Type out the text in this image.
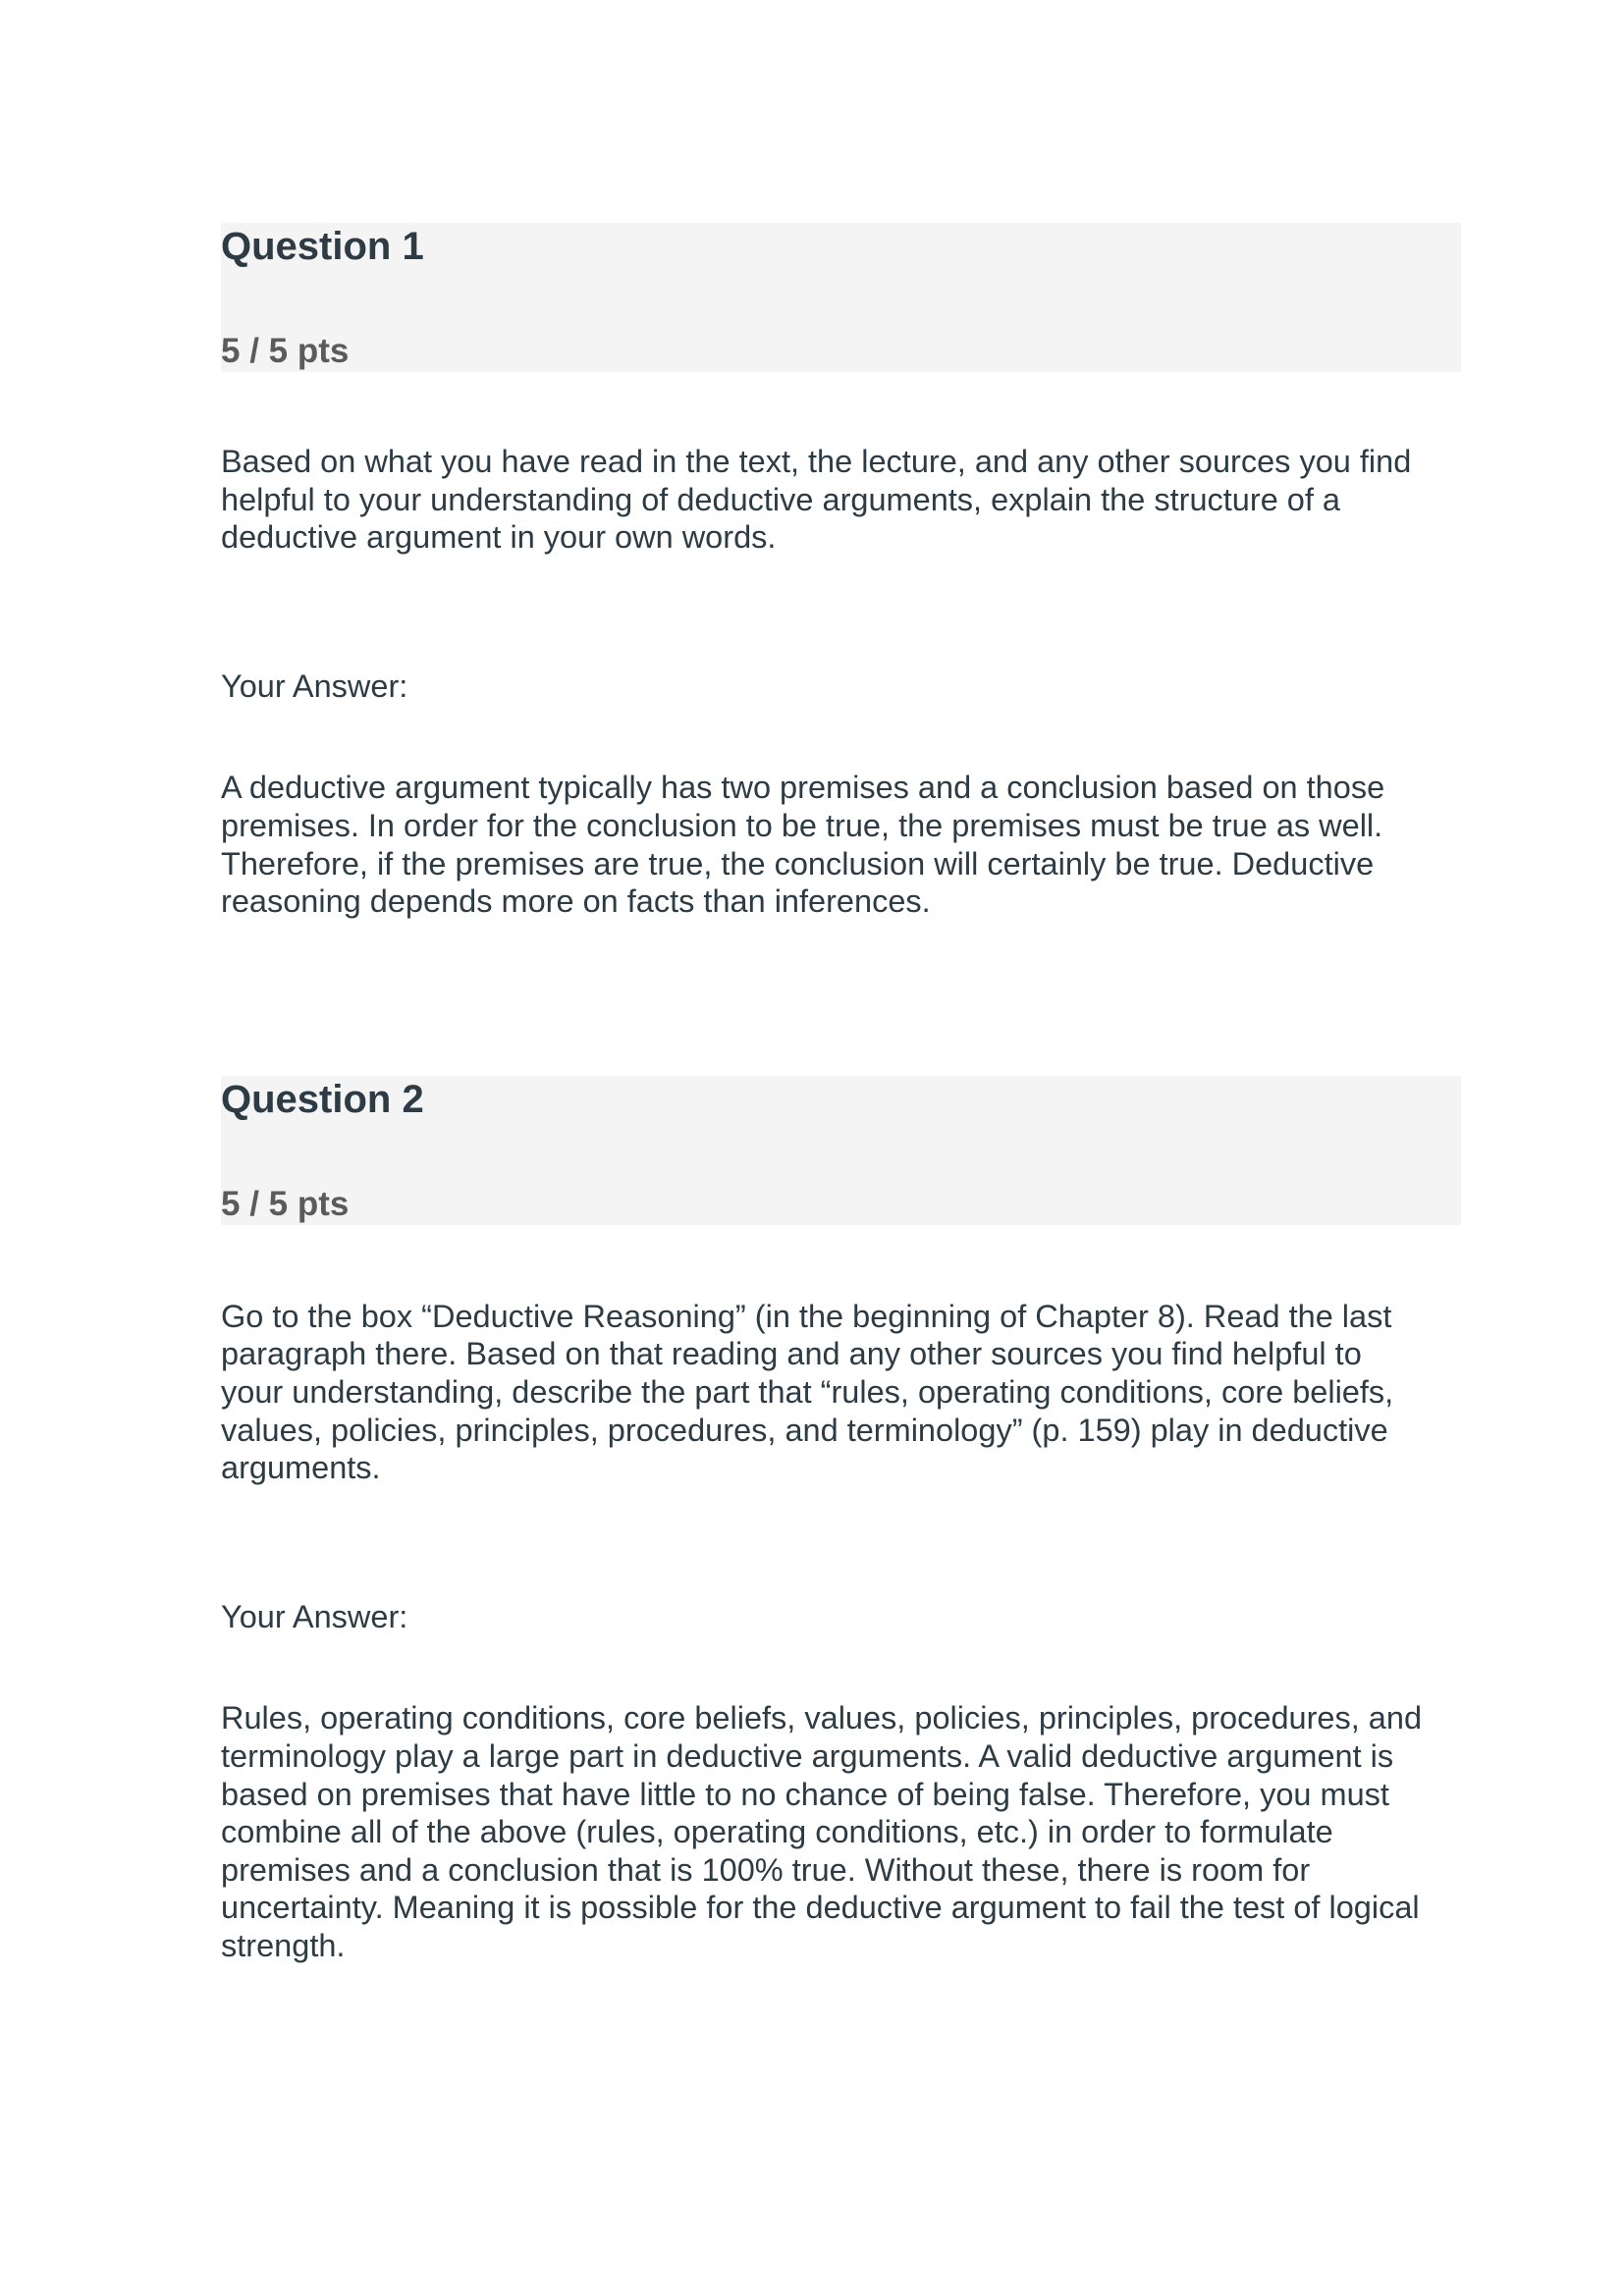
Question 1
5 / 5 pts

Based on what you have read in the text, the lecture, and any other sources you find
helpful to your understanding of deductive arguments, explain the structure of a
deductive argument in your own words.

Your Answer:

A deductive argument typically has two premises and a conclusion based on those
premises. In order for the conclusion to be true, the premises must be true as well.
Therefore, if the premises are true, the conclusion will certainly be true. Deductive
reasoning depends more on facts than inferences.

Question 2
5 / 5 pts

Go to the box “Deductive Reasoning” (in the beginning of Chapter 8). Read the last
paragraph there. Based on that reading and any other sources you find helpful to
your understanding, describe the part that “rules, operating conditions, core beliefs,
values, policies, principles, procedures, and terminology” (p. 159) play in deductive
arguments.

Your Answer:

Rules, operating conditions, core beliefs, values, policies, principles, procedures, and
terminology play a large part in deductive arguments. A valid deductive argument is
based on premises that have little to no chance of being false. Therefore, you must
combine all of the above (rules, operating conditions, etc.) in order to formulate
premises and a conclusion that is 100% true. Without these, there is room for
uncertainty. Meaning it is possible for the deductive argument to fail the test of logical
strength.
